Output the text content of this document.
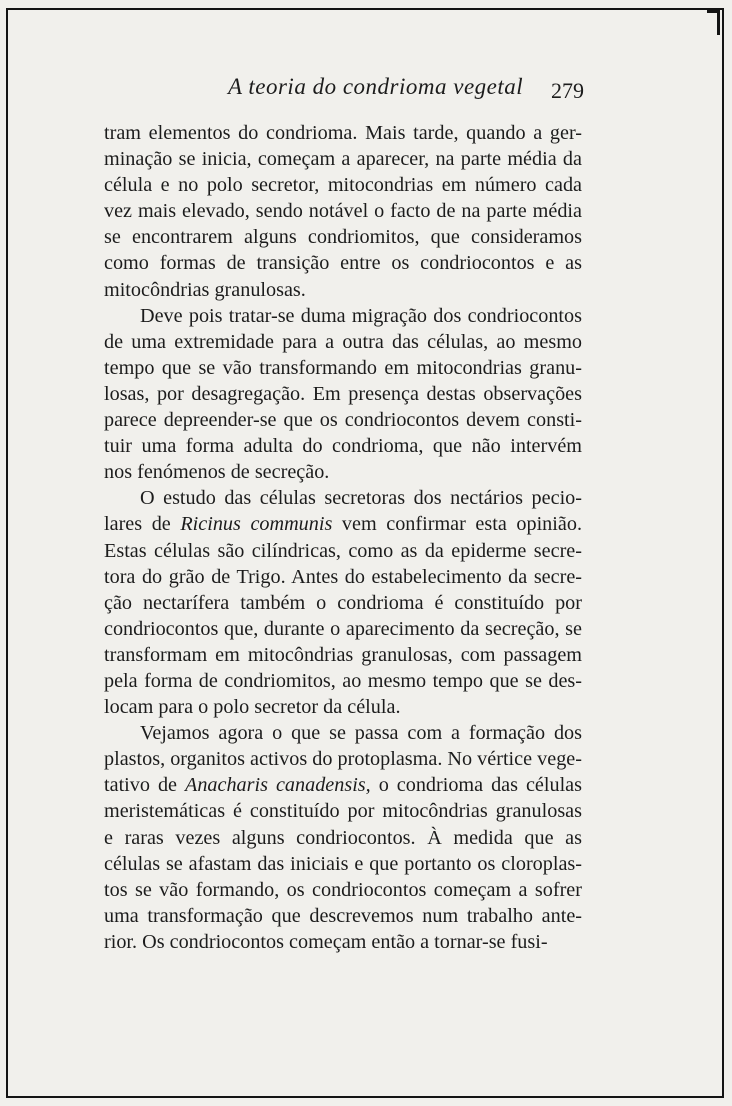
A teoria do condrioma vegetal 279
tram elementos do condrioma. Mais tarde, quando a ger-
minação se inicia, começam a aparecer, na parte média da
célula e no polo secretor, mitocondrias em número cada
vez mais elevado, sendo notável o facto de na parte média
se encontrarem alguns condriomitos, que consideramos
como formas de transição entre os condriocontos e as
mitocôndrias granulosas.
Deve pois tratar-se duma migração dos condriocontos
de uma extremidade para a outra das células, ao mesmo
tempo que se vão transformando em mitocondrias granu-
losas, por desagregação. Em presença destas observações
parece depreender-se que os condriocontos devem consti-
tuir uma forma adulta do condrioma, que não intervém
nos fenómenos de secreção.
O estudo das células secretoras dos nectários pecio-
lares de Ricinus communis vem confirmar esta opinião.
Estas células são cilíndricas, como as da epiderme secre-
tora do grão de Trigo. Antes do estabelecimento da secre-
ção nectarífera também o condrioma é constituído por
condriocontos que, durante o aparecimento da secreção, se
transformam em mitocôndrias granulosas, com passagem
pela forma de condriomitos, ao mesmo tempo que se des-
locam para o polo secretor da célula.
Vejamos agora o que se passa com a formação dos
plastos, organitos activos do protoplasma. No vértice vege-
tativo de Anacharis canadensis, o condrioma das células
meristemáticas é constituído por mitocôndrias granulosas
e raras vezes alguns condriocontos. À medida que as
células se afastam das iniciais e que portanto os cloroplas-
tos se vão formando, os condriocontos começam a sofrer
uma transformação que descrevemos num trabalho ante-
rior. Os condriocontos começam então a tornar-se fusi-
